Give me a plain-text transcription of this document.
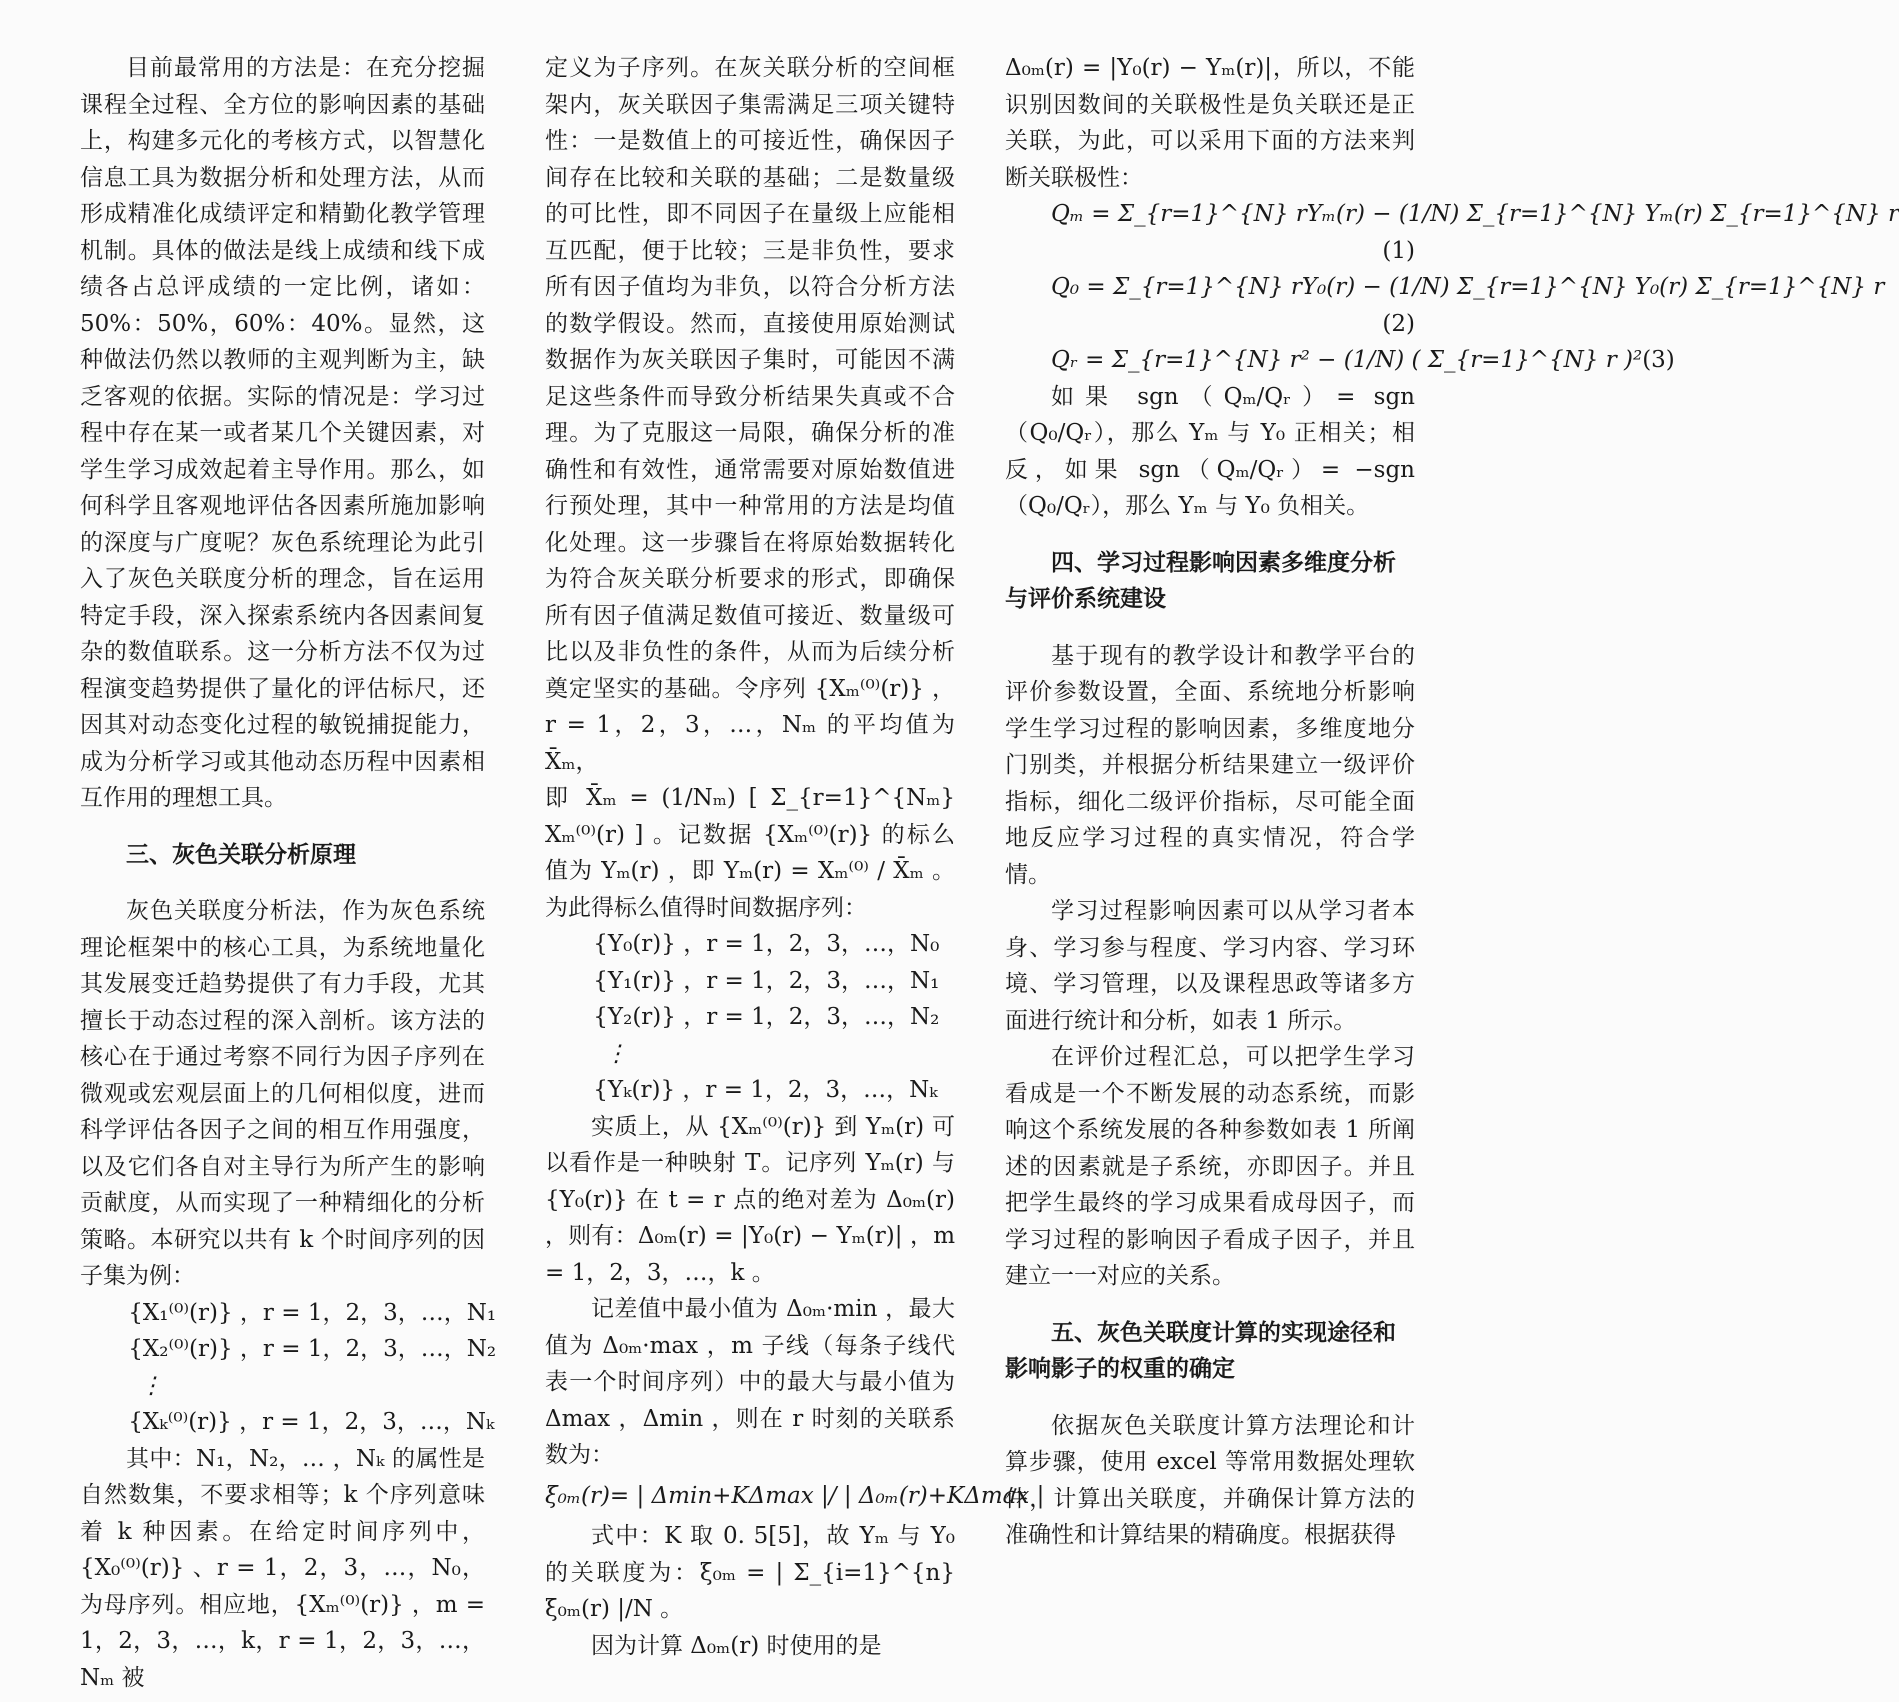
目前最常用的方法是：在充分挖掘课程全过程、全方位的影响因素的基础上，构建多元化的考核方式，以智慧化信息工具为数据分析和处理方法，从而形成精准化成绩评定和精勤化教学管理机制。具体的做法是线上成绩和线下成绩各占总评成绩的一定比例，诸如：50%：50%，60%：40%。显然，这种做法仍然以教师的主观判断为主，缺乏客观的依据。实际的情况是：学习过程中存在某一或者某几个关键因素，对学生学习成效起着主导作用。那么，如何科学且客观地评估各因素所施加影响的深度与广度呢？灰色系统理论为此引入了灰色关联度分析的理念，旨在运用特定手段，深入探索系统内各因素间复杂的数值联系。这一分析方法不仅为过程演变趋势提供了量化的评估标尺，还因其对动态变化过程的敏锐捕捉能力，成为分析学习或其他动态历程中因素相互作用的理想工具。

三、灰色关联分析原理

灰色关联度分析法，作为灰色系统理论框架中的核心工具，为系统地量化其发展变迁趋势提供了有力手段，尤其擅长于动态过程的深入剖析。该方法的核心在于通过考察不同行为因子序列在微观或宏观层面上的几何相似度，进而科学评估各因子之间的相互作用强度，以及它们各自对主导行为所产生的影响贡献度，从而实现了一种精细化的分析策略。本研究以共有 k 个时间序列的因子集为例：

{X₁⁽⁰⁾(r)} ，r = 1，2，3，…，N₁
{X₂⁽⁰⁾(r)} ，r = 1，2，3，…，N₂
⋮
{Xₖ⁽⁰⁾(r)} ，r = 1，2，3，…，Nₖ

其中：N₁，N₂，… ，Nₖ 的属性是自然数集，不要求相等；k 个序列意味着 k 种因素。在给定时间序列中，{X₀⁽⁰⁾(r)} 、r = 1，2，3，…，N₀，为母序列。相应地，{Xₘ⁽⁰⁾(r)} ，m = 1，2，3，…，k，r = 1，2，3，…，Nₘ 被

定义为子序列。在灰关联分析的空间框架内，灰关联因子集需满足三项关键特性：一是数值上的可接近性，确保因子间存在比较和关联的基础；二是数量级的可比性，即不同因子在量级上应能相互匹配，便于比较；三是非负性，要求所有因子值均为非负，以符合分析方法的数学假设。然而，直接使用原始测试数据作为灰关联因子集时，可能因不满足这些条件而导致分析结果失真或不合理。为了克服这一局限，确保分析的准确性和有效性，通常需要对原始数值进行预处理，其中一种常用的方法是均值化处理。这一步骤旨在将原始数据转化为符合灰关联分析要求的形式，即确保所有因子值满足数值可接近、数量级可比以及非负性的条件，从而为后续分析奠定坚实的基础。令序列 {Xₘ⁽⁰⁾(r)} ，r = 1，2，3，…，Nₘ 的平均值为 X̄ₘ，

即 X̄ₘ = (1/Nₘ) [ Σ_{r=1}^{Nₘ} Xₘ⁽⁰⁾(r) ] 。记数据 {Xₘ⁽⁰⁾(r)} 的标么值为 Yₘ(r) ，即 Yₘ(r) = Xₘ⁽⁰⁾ / X̄ₘ 。为此得标么值得时间数据序列：

{Y₀(r)} ，r = 1，2，3，…，N₀
{Y₁(r)} ，r = 1，2，3，…，N₁
{Y₂(r)} ，r = 1，2，3，…，N₂
⋮
{Yₖ(r)} ，r = 1，2，3，…，Nₖ

实质上，从 {Xₘ⁽⁰⁾(r)} 到 Yₘ(r) 可以看作是一种映射 T。记序列 Yₘ(r) 与 {Y₀(r)} 在 t = r 点的绝对差为 Δ₀ₘ(r) ，则有：Δ₀ₘ(r) = |Y₀(r) − Yₘ(r)| ，m = 1，2，3，…，k 。

记差值中最小值为 Δ₀ₘ·min ，最大值为 Δ₀ₘ·max ，m 子线（每条子线代表一个时间序列）中的最大与最小值为 Δmax ，Δmin ，则在 r 时刻的关联系数为：

ξ₀ₘ(r)= | Δmin+KΔmax |/ | Δ₀ₘ(r)+KΔmax |

式中：K 取 0. 5[5]，故 Yₘ 与 Y₀ 的关联度为：ξ₀ₘ = | Σ_{i=1}^{n} ξ₀ₘ(r) |/N 。

因为计算 Δ₀ₘ(r) 时使用的是

Δ₀ₘ(r) = |Y₀(r) − Yₘ(r)|，所以，不能识别因数间的关联极性是负关联还是正关联，为此，可以采用下面的方法来判断关联极性：

Qₘ = Σ_{r=1}^{N} rYₘ(r) − (1/N) Σ_{r=1}^{N} Yₘ(r) Σ_{r=1}^{N} r
(1)
Q₀ = Σ_{r=1}^{N} rY₀(r) − (1/N) Σ_{r=1}^{N} Y₀(r) Σ_{r=1}^{N} r
(2)
Qᵣ = Σ_{r=1}^{N} r² − (1/N) ( Σ_{r=1}^{N} r )² (3)

如果 sgn（Qₘ/Qᵣ）= sgn（Q₀/Qᵣ），那么 Yₘ 与 Y₀ 正相关；相反，如果 sgn（Qₘ/Qᵣ）= −sgn（Q₀/Qᵣ），那么 Yₘ 与 Y₀ 负相关。

四、学习过程影响因素多维度分析与评价系统建设

基于现有的教学设计和教学平台的评价参数设置，全面、系统地分析影响学生学习过程的影响因素，多维度地分门别类，并根据分析结果建立一级评价指标，细化二级评价指标，尽可能全面地反应学习过程的真实情况，符合学情。

学习过程影响因素可以从学习者本身、学习参与程度、学习内容、学习环境、学习管理，以及课程思政等诸多方面进行统计和分析，如表 1 所示。

在评价过程汇总，可以把学生学习看成是一个不断发展的动态系统，而影响这个系统发展的各种参数如表 1 所阐述的因素就是子系统，亦即因子。并且把学生最终的学习成果看成母因子，而学习过程的影响因子看成子因子，并且建立一一对应的关系。

五、灰色关联度计算的实现途径和影响影子的权重的确定

依据灰色关联度计算方法理论和计算步骤，使用 excel 等常用数据处理软件，计算出关联度，并确保计算方法的准确性和计算结果的精确度。根据获得
